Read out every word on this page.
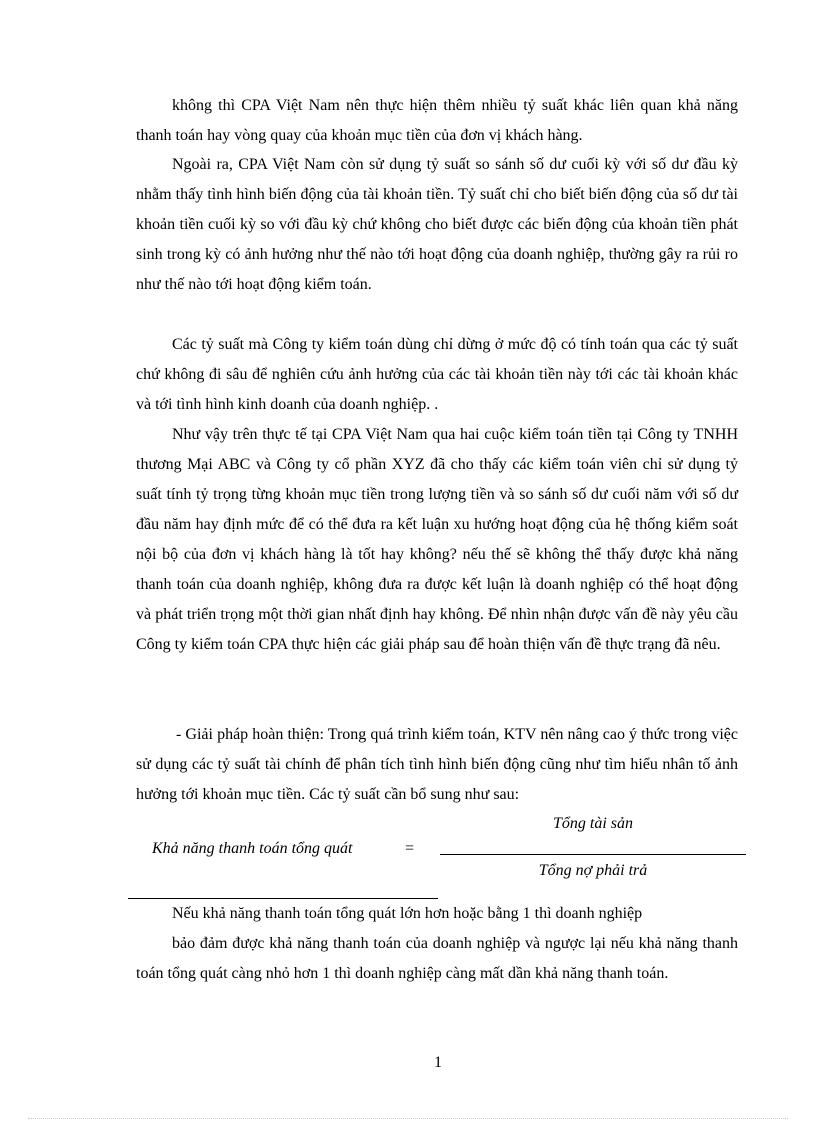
không thì CPA Việt Nam nên thực hiện thêm nhiều tỷ suất khác liên quan khả năng thanh toán hay vòng quay của khoản mục tiền của đơn vị khách hàng.

Ngoài ra, CPA Việt Nam còn sử dụng tỷ suất so sánh số dư cuối kỳ với số dư đầu kỳ nhằm thấy tình hình biến động của tài khoản tiền. Tỷ suất chỉ cho biết biến động của số dư tài khoản tiền cuối kỳ so với đầu kỳ chứ không cho biết được các biến động của khoản tiền phát sinh trong kỳ có ảnh hưởng như thế nào tới hoạt động của doanh nghiệp, thường gây ra rủi ro như thế nào tới hoạt động kiểm toán.

Các tỷ suất mà Công ty kiểm toán dùng chỉ dừng ở mức độ có tính toán qua các tỷ suất chứ không đi sâu để nghiên cứu ảnh hưởng của các tài khoản tiền này tới các tài khoản khác và tới tình hình kinh doanh của doanh nghiệp. .

Như vậy trên thực tế tại CPA Việt Nam qua hai cuộc kiểm toán tiền tại Công ty TNHH thương Mại ABC và Công ty cổ phần XYZ đã cho thấy các kiểm toán viên chỉ sử dụng tỷ suất tính tỷ trọng từng khoản mục tiền trong lượng tiền và so sánh số dư cuối năm với số dư đầu năm hay định mức để có thể đưa ra kết luận xu hướng hoạt động của hệ thống kiểm soát nội bộ của đơn vị khách hàng là tốt hay không? nếu thế sẽ không thể thấy được khả năng thanh toán của doanh nghiệp, không đưa ra được kết luận là doanh nghiệp có thể hoạt động và phát triển trọng một thời gian nhất định hay không. Để nhìn nhận được vấn đề này yêu cầu Công ty kiểm toán CPA thực hiện các giải pháp sau để hoàn thiện vấn đề thực trạng đã nêu.

- Giải pháp hoàn thiện: Trong quá trình kiểm toán, KTV nên nâng cao ý thức trong việc sử dụng các tỷ suất tài chính để phân tích tình hình biến động cũng như tìm hiểu nhân tố ảnh hưởng tới khoản mục tiền. Các tỷ suất cần bổ sung như sau:

Khả năng thanh toán tổng quát	=
Tổng tài sản
Tổng nợ phải trả

Nếu khả năng thanh toán tổng quát lớn hơn hoặc bằng 1 thì doanh nghiệp

bảo đảm được khả năng thanh toán của doanh nghiệp và ngược lại nếu khả năng thanh toán tổng quát càng nhỏ hơn 1 thì doanh nghiệp càng mất dần khả năng thanh toán.

1
